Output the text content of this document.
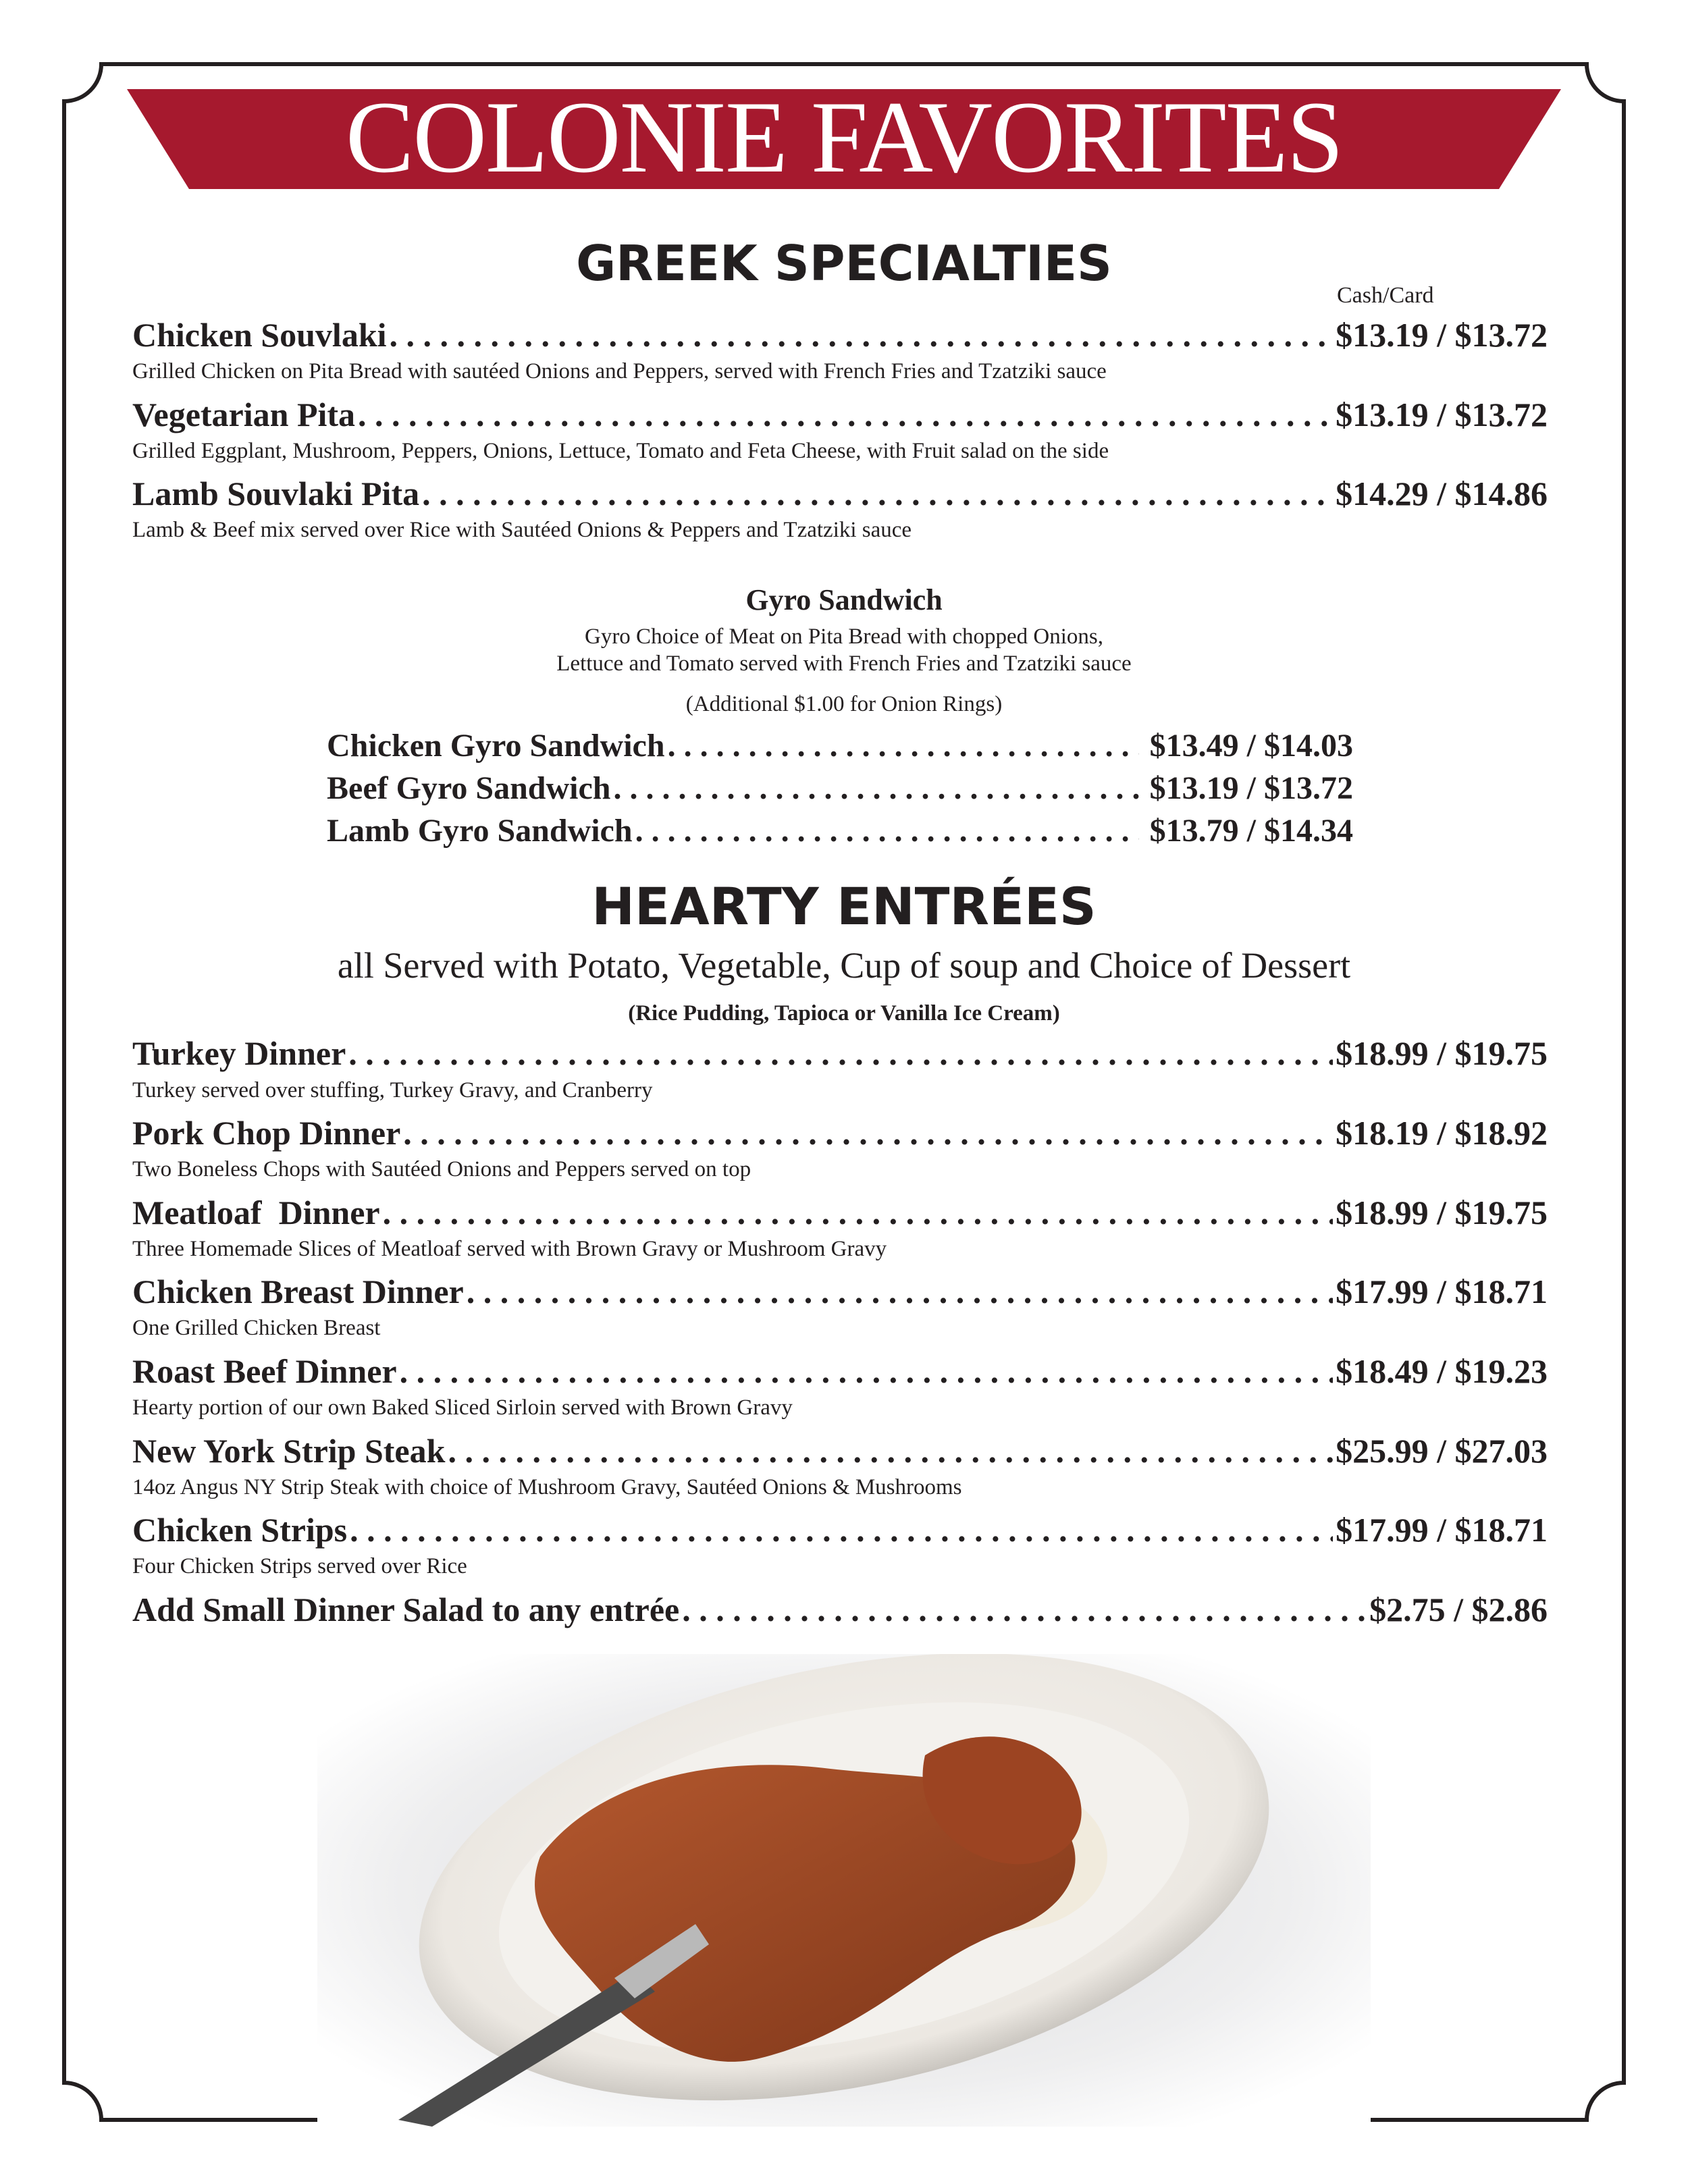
COLONIE FAVORITES
GREEK SPECIALTIES
Cash/Card
Chicken Souvlaki . . .	$13.19 / $13.72
Grilled Chicken on Pita Bread with sautéed Onions and Peppers, served with French Fries and Tzatziki sauce
Vegetarian Pita . . .	$13.19 / $13.72
Grilled Eggplant, Mushroom, Peppers, Onions, Lettuce, Tomato and Feta Cheese, with Fruit salad on the side
Lamb Souvlaki Pita . . .	$14.29 / $14.86
Lamb & Beef mix served over Rice with Sautéed Onions & Peppers and Tzatziki sauce
Gyro Sandwich
Gyro Choice of Meat on Pita Bread with chopped Onions,
Lettuce and Tomato served with French Fries and Tzatziki sauce
(Additional $1.00 for Onion Rings)
Chicken Gyro Sandwich . . .	$13.49 / $14.03
Beef Gyro Sandwich . . .	$13.19 / $13.72
Lamb Gyro Sandwich . . .	$13.79 / $14.34
HEARTY ENTRÉES
all Served with Potato, Vegetable, Cup of soup and Choice of Dessert
(Rice Pudding, Tapioca or Vanilla Ice Cream)
Turkey Dinner . . .	$18.99 / $19.75
Turkey served over stuffing, Turkey Gravy, and Cranberry
Pork Chop Dinner . . .	$18.19 / $18.92
Two Boneless Chops with Sautéed Onions and Peppers served on top
Meatloaf  Dinner . . .	$18.99 / $19.75
Three Homemade Slices of Meatloaf served with Brown Gravy or Mushroom Gravy
Chicken Breast Dinner . . .	$17.99 / $18.71
One Grilled Chicken Breast
Roast Beef Dinner . . .	$18.49 / $19.23
Hearty portion of our own Baked Sliced Sirloin served with Brown Gravy
New York Strip Steak . . .	$25.99 / $27.03
14oz Angus NY Strip Steak with choice of Mushroom Gravy, Sautéed Onions & Mushrooms
Chicken Strips . . .	$17.99 / $18.71
Four Chicken Strips served over Rice
Add Small Dinner Salad to any entrée . . .	$2.75 / $2.86
